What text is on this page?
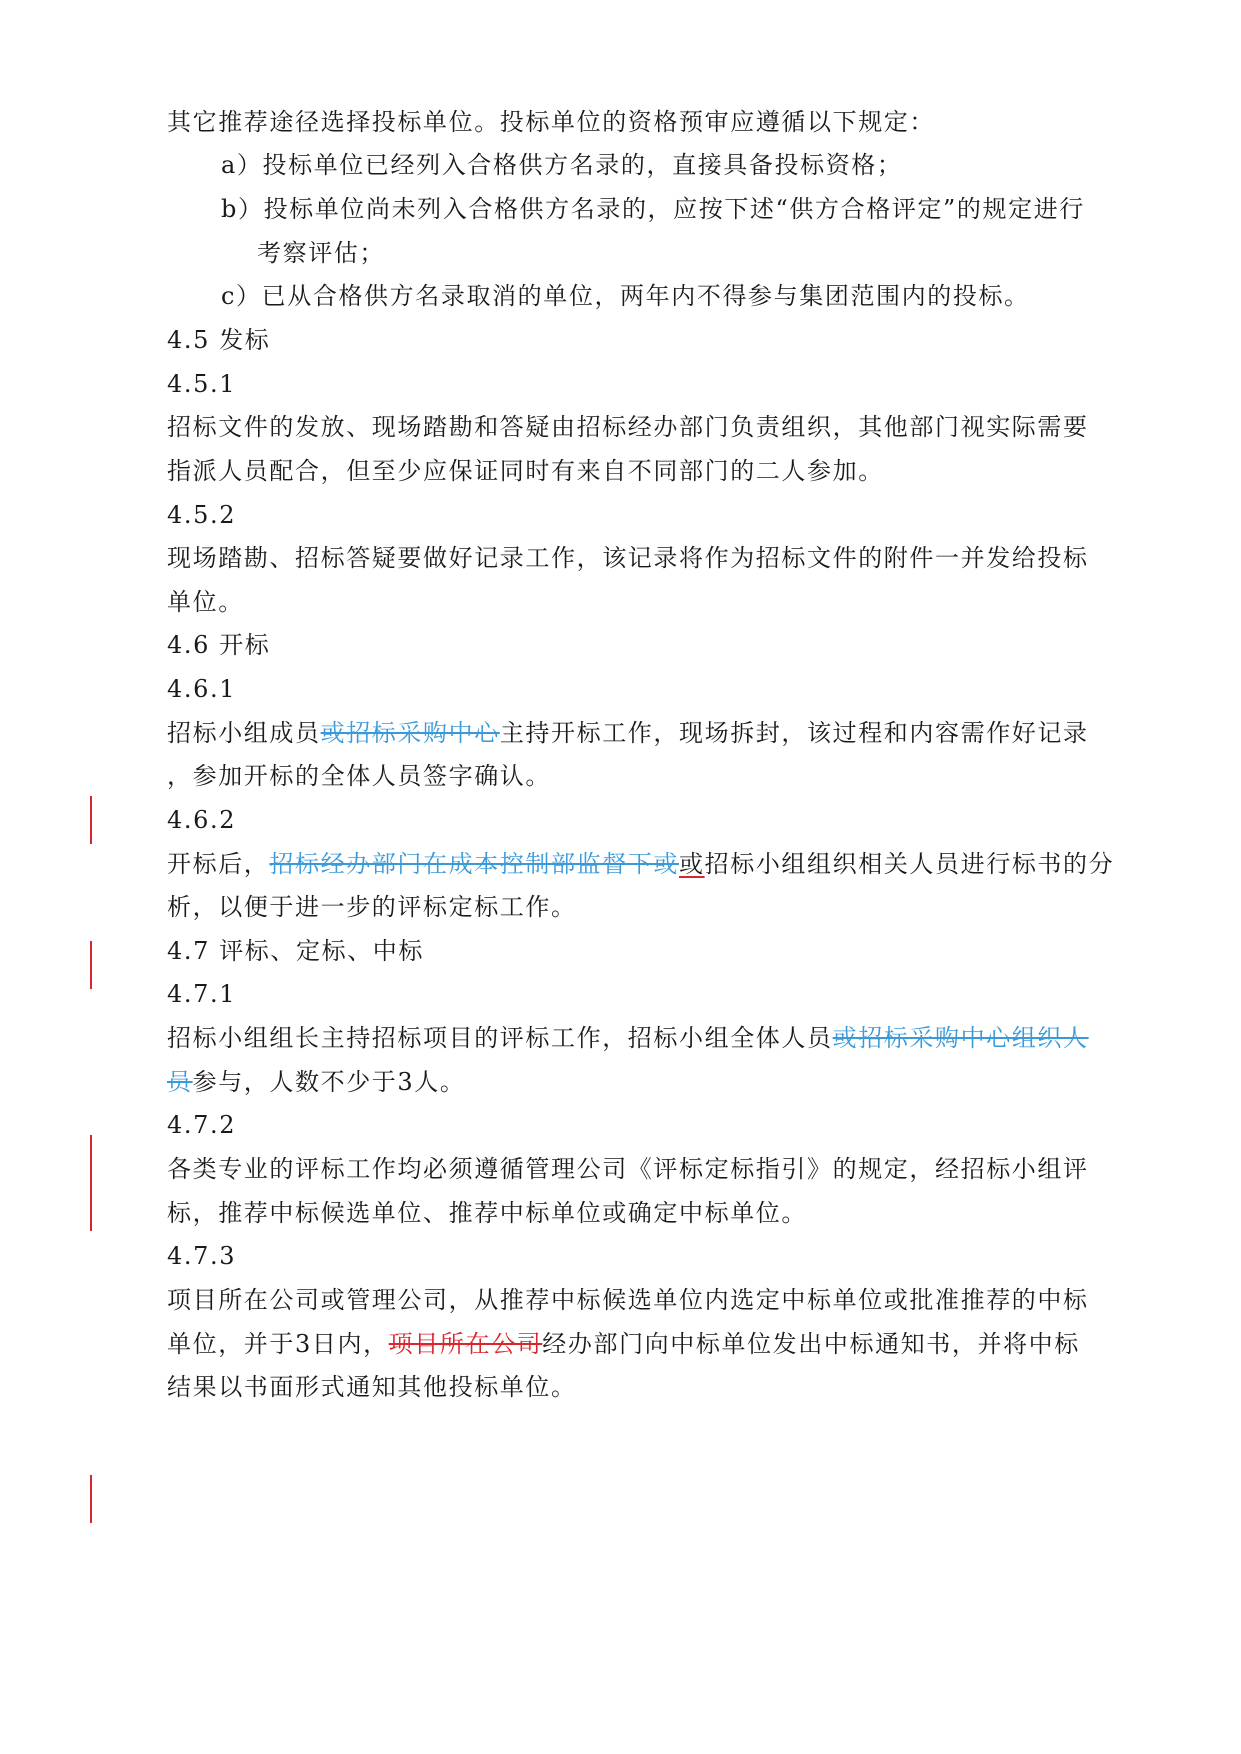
其它推荐途径选择投标单位。投标单位的资格预审应遵循以下规定：

a）投标单位已经列入合格供方名录的，直接具备投标资格；

b）投标单位尚未列入合格供方名录的，应按下述“供方合格评定”的规定进行

考察评估；

c）已从合格供方名录取消的单位，两年内不得参与集团范围内的投标。

4.5 发标

4.5.1

招标文件的发放、现场踏勘和答疑由招标经办部门负责组织，其他部门视实际需要

指派人员配合，但至少应保证同时有来自不同部门的二人参加。

4.5.2

现场踏勘、招标答疑要做好记录工作，该记录将作为招标文件的附件一并发给投标

单位。

4.6 开标

4.6.1

招标小组成员或招标采购中心主持开标工作，现场拆封，该过程和内容需作好记录

，参加开标的全体人员签字确认。

4.6.2

开标后，招标经办部门在成本控制部监督下或或招标小组组织相关人员进行标书的分

析，以便于进一步的评标定标工作。

4.7 评标、定标、中标

4.7.1

招标小组组长主持招标项目的评标工作，招标小组全体人员或招标采购中心组织人

员参与，人数不少于3人。

4.7.2

各类专业的评标工作均必须遵循管理公司《评标定标指引》的规定，经招标小组评

标，推荐中标候选单位、推荐中标单位或确定中标单位。

4.7.3

项目所在公司或管理公司，从推荐中标候选单位内选定中标单位或批准推荐的中标

单位，并于3日内，项目所在公司经办部门向中标单位发出中标通知书，并将中标

结果以书面形式通知其他投标单位。
